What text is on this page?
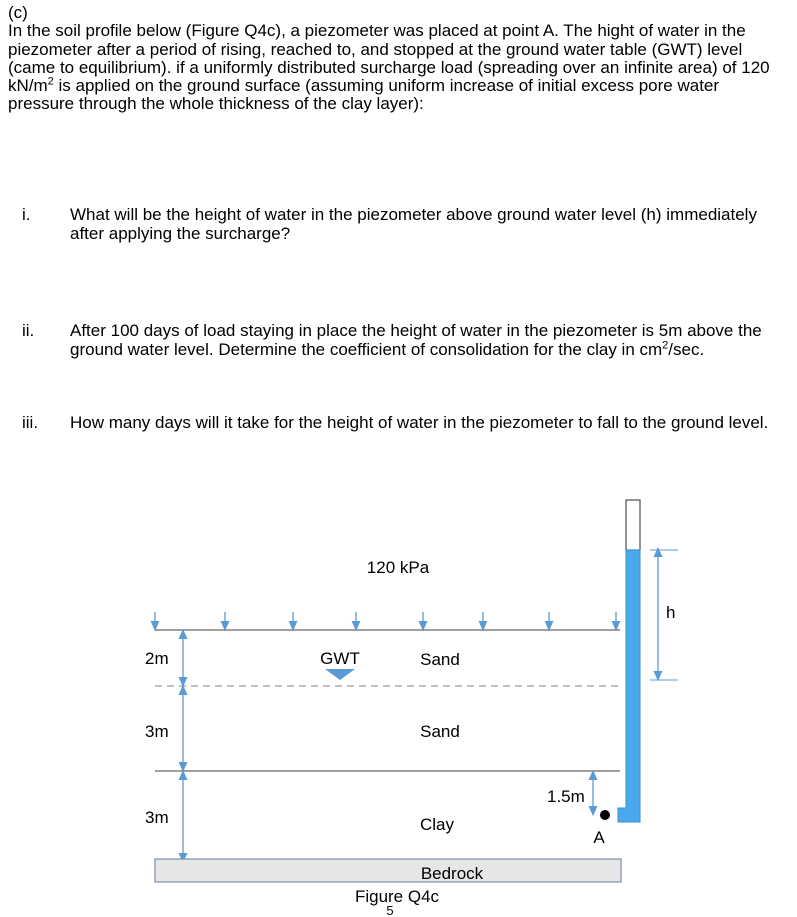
(c)

In the soil profile below (Figure Q4c), a piezometer was placed at point A. The hight of water in the piezometer after a period of rising, reached to, and stopped at the ground water table (GWT) level (came to equilibrium). if a uniformly distributed surcharge load (spreading over an infinite area) of 120 $kN/m^2$ is applied on the ground surface (assuming uniform increase of initial excess pore water pressure through the whole thickness of the clay layer):

i. What will be the height of water in the piezometer above ground water level (h) immediately after applying the surcharge?
ii. After 100 days of load staying in place the height of water in the piezometer is 5m above the ground water level. Determine the coefficient of consolidation for the clay in $cm^2/\sec$.
iii. How many days will it take for the height of water in the piezometer to fall to the ground level.
120 kPa
GWT	Sand
Sand
Clay
2m
3m
3m
Bedrock
A
1.5m
h
Figure Q4c
5
